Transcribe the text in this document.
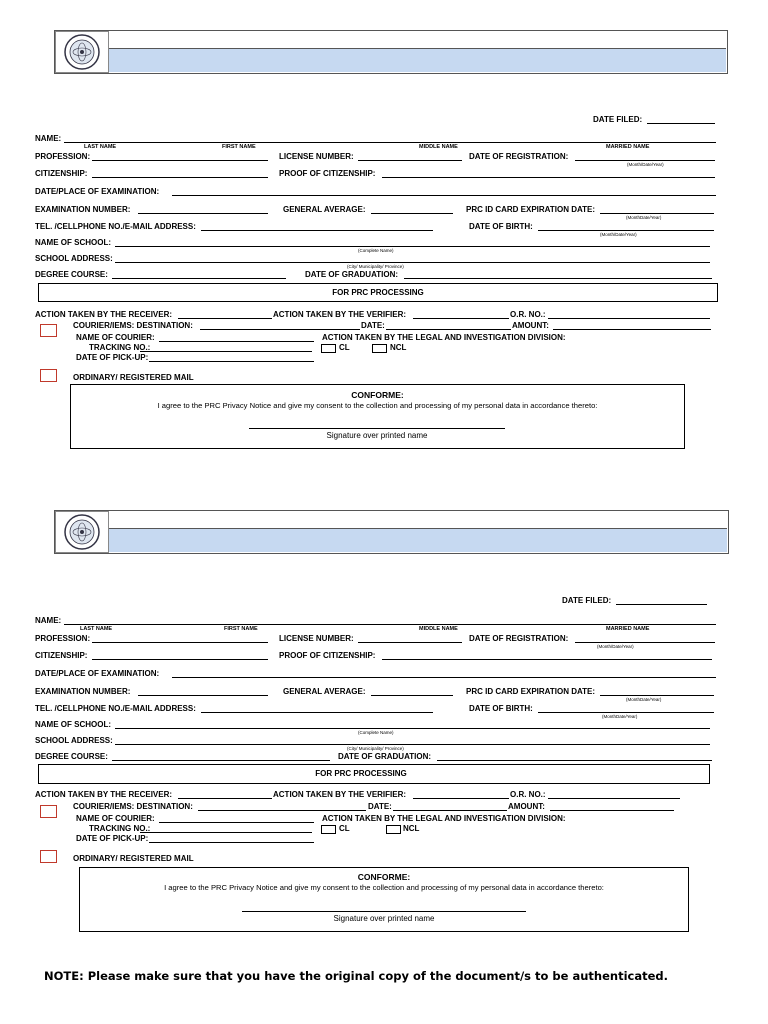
DATE FILED:
NAME:
LAST NAME	FIRST NAME	MIDDLE NAME	MARRIED NAME
PROFESSION:	LICENSE NUMBER:	DATE OF REGISTRATION:
(Month/Date/Year)
CITIZENSHIP:	PROOF OF CITIZENSHIP:
DATE/PLACE OF EXAMINATION:
EXAMINATION NUMBER:	GENERAL AVERAGE:	PRC ID CARD EXPIRATION DATE:
(MonthDate/Year)
TEL. /CELLPHONE NO./E-MAIL ADDRESS:	DATE OF BIRTH:
(Month/Date/Year)
NAME OF SCHOOL:
(Complete Name)
SCHOOL ADDRESS:
(City/ Municipality/ Province)
DEGREE COURSE:	DATE OF GRADUATION:
FOR PRC PROCESSING
ACTION TAKEN BY THE RECEIVER:	ACTION TAKEN BY THE VERIFIER:	O.R. NO.:
COURIER/IEMS: DESTINATION:	DATE:	AMOUNT:
NAME OF COURIER:	ACTION TAKEN BY THE LEGAL AND INVESTIGATION DIVISION:
TRACKING NO.:	CL	NCL
DATE OF PICK-UP:
ORDINARY/ REGISTERED MAIL
CONFORME:
I agree to the PRC Privacy Notice and give my consent to the collection and processing of my personal data in accordance thereto:
Signature over printed name
DATE FILED:
NAME:
LAST NAME	FIRST NAME	MIDDLE NAME	MARRIED NAME
PROFESSION:	LICENSE NUMBER:	DATE OF REGISTRATION:
(Month/Date/Year)
CITIZENSHIP:	PROOF OF CITIZENSHIP:
DATE/PLACE OF EXAMINATION:
EXAMINATION NUMBER:	GENERAL AVERAGE:	PRC ID CARD EXPIRATION DATE:
(MonthDate/Year)
TEL. /CELLPHONE NO./E-MAIL ADDRESS:	DATE OF BIRTH:
(MonthDate/Year)
NAME OF SCHOOL:
(Complete Name)
SCHOOL ADDRESS:
(City/ Municipality/ Province)
DEGREE COURSE:	DATE OF GRADUATION:
FOR PRC PROCESSING
ACTION TAKEN BY THE RECEIVER:	ACTION TAKEN BY THE VERIFIER:	O.R. NO.:
COURIER/IEMS: DESTINATION:	DATE:	AMOUNT:
NAME OF COURIER:	ACTION TAKEN BY THE LEGAL AND INVESTIGATION DIVISION:
TRACKING NO.:	CL	NCL
DATE OF PICK-UP:
ORDINARY/ REGISTERED MAIL
CONFORME:
I agree to the PRC Privacy Notice and give my consent to the collection and processing of my personal data in accordance thereto:
Signature over printed name
NOTE: Please make sure that you have the original copy of the document/s to be authenticated.
